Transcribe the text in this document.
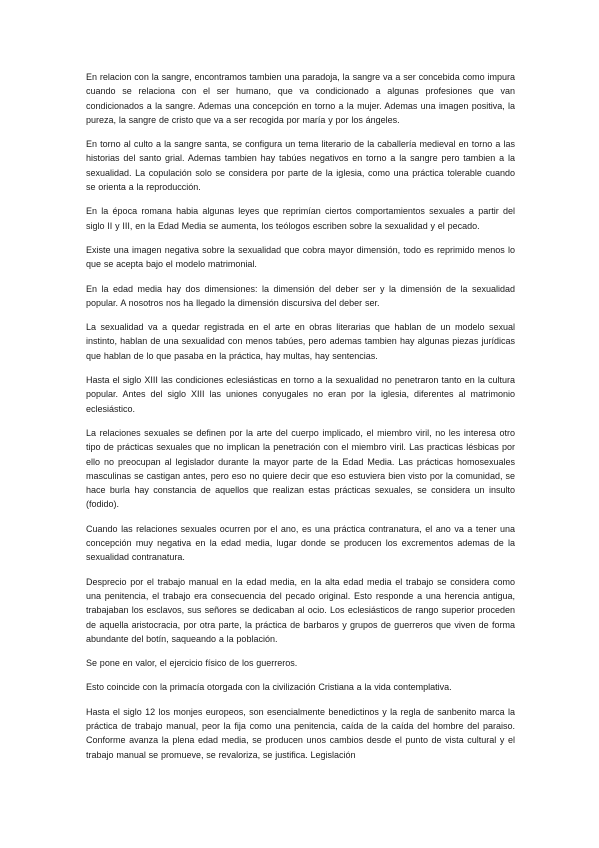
En relacion con la sangre, encontramos tambien una paradoja, la sangre va a ser concebida como impura cuando se relaciona con el ser humano, que va condicionado a algunas profesiones que van condicionados a la sangre. Ademas una concepción en torno a la mujer. Ademas una imagen positiva, la pureza, la sangre de cristo que va a ser recogida por maría y por los ángeles.

En torno al culto a la sangre santa, se configura un tema literario de la caballería medieval en torno a las historias del santo grial. Ademas tambien hay tabúes negativos en torno a la sangre pero tambien a la sexualidad. La copulación solo se considera por parte de la iglesia, como una práctica tolerable cuando se orienta a la reproducción.

En la época romana habia algunas leyes que reprimían ciertos comportamientos sexuales a partir del siglo II y III, en la Edad Media se aumenta, los teólogos escriben sobre la sexualidad y el pecado.

Existe una imagen negativa sobre la sexualidad que cobra mayor dimensión, todo es reprimido menos lo que se acepta bajo el modelo matrimonial.

En la edad media hay dos dimensiones: la dimensión del deber ser y la dimensión de la sexualidad popular. A nosotros nos ha llegado la dimensión discursiva del deber ser.

La sexualidad va a quedar registrada en el arte en obras literarias que hablan de un modelo sexual instinto, hablan de una sexualidad con menos tabúes, pero ademas tambien hay algunas piezas jurídicas que hablan de lo que pasaba en la práctica, hay multas, hay sentencias.

Hasta el siglo XIII las condiciones eclesiásticas en torno a la sexualidad no penetraron tanto en la cultura popular. Antes del siglo XIII las uniones conyugales no eran por la iglesia, diferentes al matrimonio eclesiástico.

La relaciones sexuales se definen por la arte del cuerpo implicado, el miembro viril, no les interesa otro tipo de prácticas sexuales que no implican la penetración con el miembro viril. Las practicas lésbicas por ello no preocupan al legislador durante la mayor parte de la Edad Media. Las prácticas homosexuales masculinas se castigan antes, pero eso no quiere decir que eso estuviera bien visto por la comunidad, se hace burla hay constancia de aquellos que realizan estas prácticas sexuales, se considera un insulto (fodido).

Cuando las relaciones sexuales ocurren por el ano, es una práctica contranatura, el ano va a tener una concepción muy negativa en la edad media, lugar donde se producen los excrementos ademas de la sexualidad contranatura.

Desprecio por el trabajo manual en la edad media, en la alta edad media el trabajo se considera como una penitencia, el trabajo era consecuencia del pecado original. Esto responde a una herencia antigua, trabajaban los esclavos, sus señores se dedicaban al ocio. Los eclesiásticos de rango superior proceden de aquella aristocracia, por otra parte, la práctica de barbaros y grupos de guerreros que viven de forma abundante del botín, saqueando a la población.

Se pone en valor, el ejercicio físico de los guerreros.

Esto coincide con la primacía otorgada con la civilización Cristiana a la vida contemplativa.

Hasta el siglo 12 los monjes europeos, son esencialmente benedictinos y la regla de sanbenito marca la práctica de trabajo manual, peor la fija como una penitencia, caída de la caída del hombre del paraiso. Conforme avanza la plena edad media, se producen unos cambios desde el punto de vista cultural y el trabajo manual se promueve, se revaloriza, se justifica. Legislación
